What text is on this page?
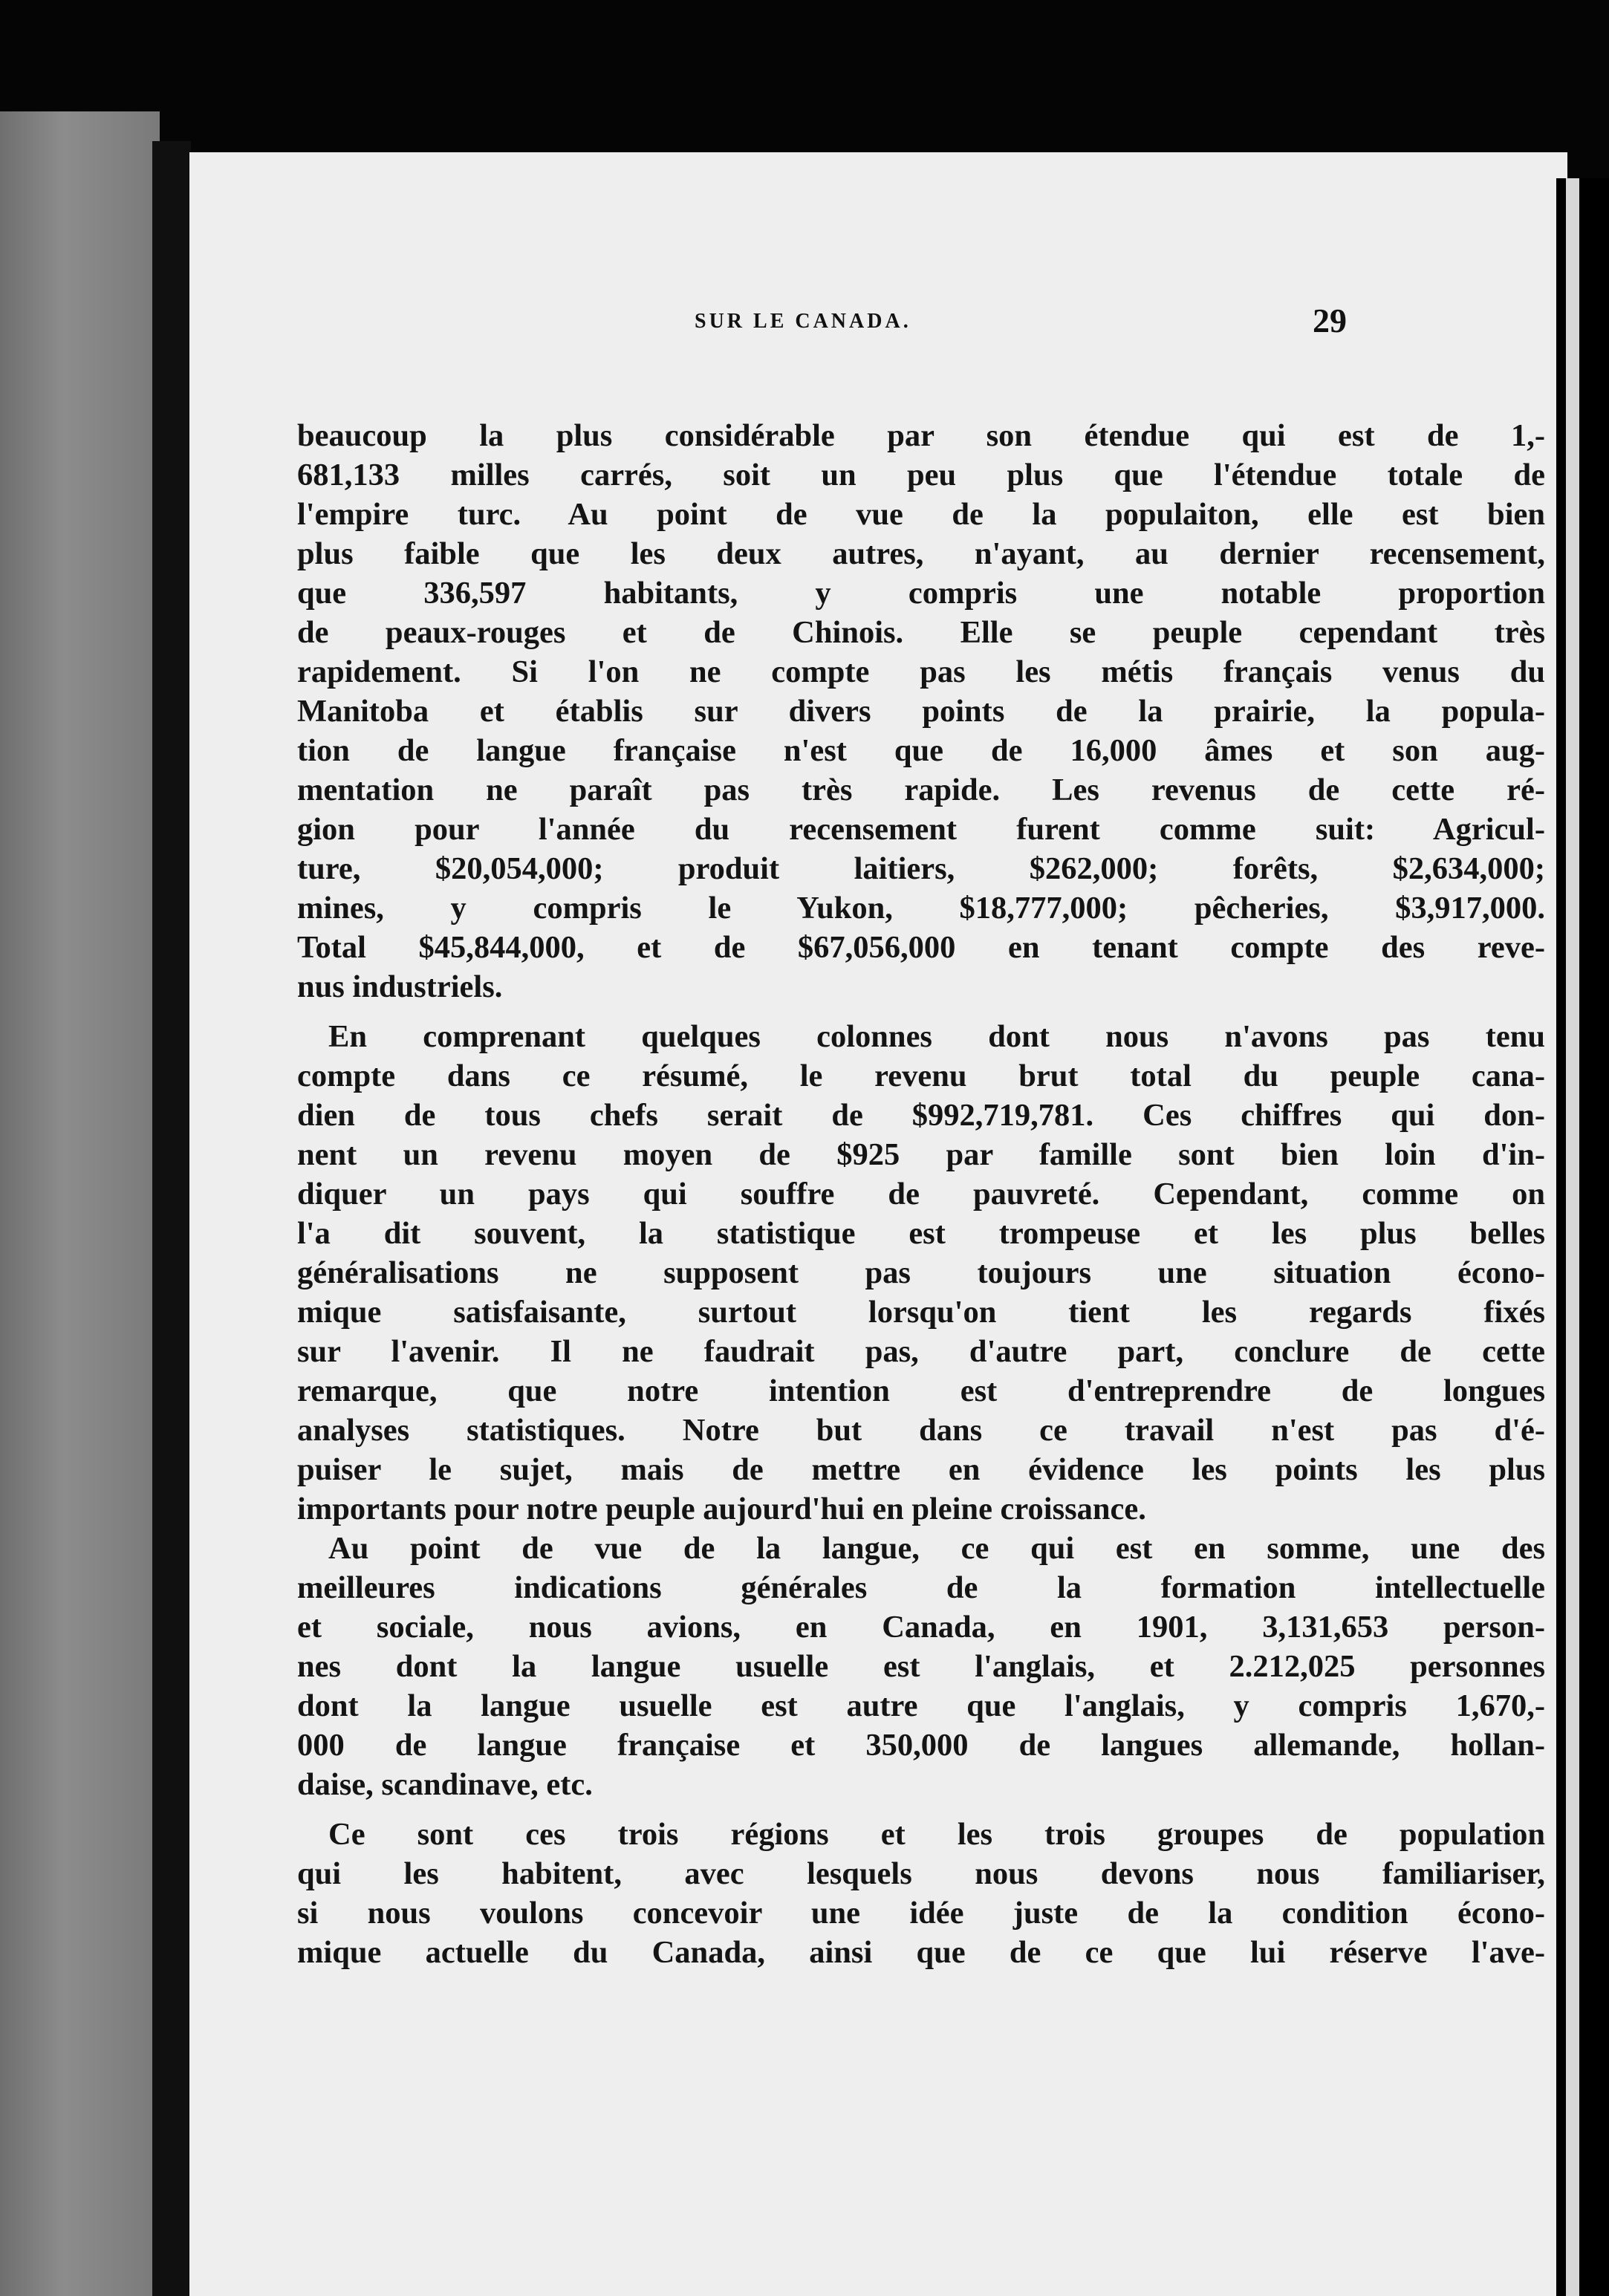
SUR LE CANADA.	29
beaucoup la plus considérable par son étendue qui est de 1,-
681,133 milles carrés, soit un peu plus que l'étendue totale de
l'empire turc. Au point de vue de la populaiton, elle est bien
plus faible que les deux autres, n'ayant, au dernier recensement,
que 336,597 habitants, y compris une notable proportion
de peaux-rouges et de Chinois. Elle se peuple cependant très
rapidement. Si l'on ne compte pas les métis français venus du
Manitoba et établis sur divers points de la prairie, la popula-
tion de langue française n'est que de 16,000 âmes et son aug-
mentation ne paraît pas très rapide. Les revenus de cette ré-
gion pour l'année du recensement furent comme suit: Agricul-
ture, $20,054,000; produit laitiers, $262,000; forêts, $2,634,000;
mines, y compris le Yukon, $18,777,000; pêcheries, $3,917,000.
Total $45,844,000, et de $67,056,000 en tenant compte des reve-
nus industriels.
En comprenant quelques colonnes dont nous n'avons pas tenu
compte dans ce résumé, le revenu brut total du peuple cana-
dien de tous chefs serait de $992,719,781. Ces chiffres qui don-
nent un revenu moyen de $925 par famille sont bien loin d'in-
diquer un pays qui souffre de pauvreté. Cependant, comme on
l'a dit souvent, la statistique est trompeuse et les plus belles
généralisations ne supposent pas toujours une situation écono-
mique satisfaisante, surtout lorsqu'on tient les regards fixés
sur l'avenir. Il ne faudrait pas, d'autre part, conclure de cette
remarque, que notre intention est d'entreprendre de longues
analyses statistiques. Notre but dans ce travail n'est pas d'é-
puiser le sujet, mais de mettre en évidence les points les plus
importants pour notre peuple aujourd'hui en pleine croissance.
Au point de vue de la langue, ce qui est en somme, une des
meilleures indications générales de la formation intellectuelle
et sociale, nous avions, en Canada, en 1901, 3,131,653 person-
nes dont la langue usuelle est l'anglais, et 2.212,025 personnes
dont la langue usuelle est autre que l'anglais, y compris 1,670,-
000 de langue française et 350,000 de langues allemande, hollan-
daise, scandinave, etc.
Ce sont ces trois régions et les trois groupes de population
qui les habitent, avec lesquels nous devons nous familiariser,
si nous voulons concevoir une idée juste de la condition écono-
mique actuelle du Canada, ainsi que de ce que lui réserve l'ave-
